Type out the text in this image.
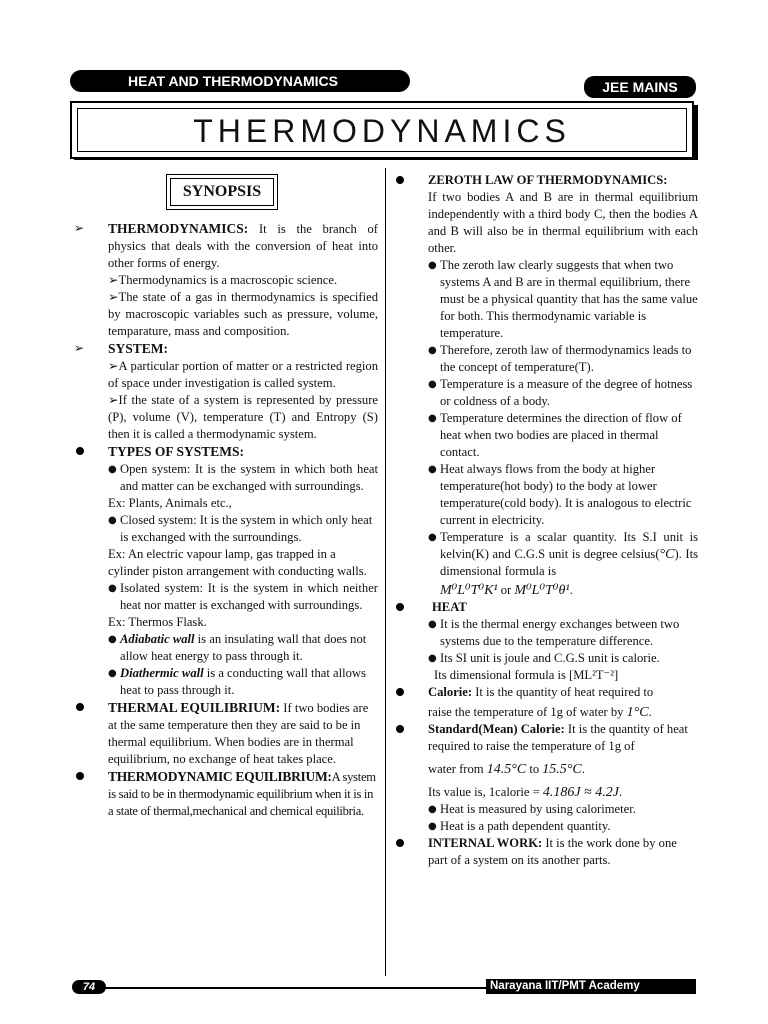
HEAT AND THERMODYNAMICS	JEE MAINS
THERMODYNAMICS
SYNOPSIS
➢	THERMODYNAMICS: It is the branch of physics that deals with the conversion of heat into other forms of energy.
➢Thermodynamics is a macroscopic science.
➢The state of a gas in thermodynamics is specified by macroscopic variables such as pressure, volume, temparature, mass and composition.
➢	SYSTEM:
➢A particular portion of matter or a restricted region of space under investigation is called system.
➢If the state of a system is represented by pressure (P), volume (V), temperature (T) and Entropy (S) then it is called a thermodynamic system.
TYPES OF SYSTEMS:
● Open system: It is the system in which both heat and matter can be exchanged with surroundings.
Ex: Plants, Animals etc.,
● Closed system: It is the system in which only heat is exchanged with the surroundings.
Ex: An electric vapour lamp, gas trapped in a cylinder piston arrangement with conducting walls.
● Isolated system: It is the system in which neither heat nor matter is exchanged with surroundings.
Ex: Thermos Flask.
● Adiabatic wall is an insulating wall that does not allow heat energy to pass through it.
● Diathermic wall is a conducting wall that allows heat to pass through it.
THERMAL EQUILIBRIUM: If two bodies are at the same temperature then they are said to be in thermal equilibrium. When bodies are in thermal equilibrium, no exchange of heat takes place.
THERMODYNAMIC EQUILIBRIUM:A system is said to be in thermodynamic equilibrium when it is in a state of thermal,mechanical and chemical equilibria.
ZEROTH LAW OF THERMODYNAMICS:
If two bodies A and B are in thermal equilibrium independently with a third body C, then the bodies A and B will also be in thermal equilibrium with each other.
● The zeroth law clearly suggests that when two systems A and B are in thermal equilibrium, there must be a physical quantity that has the same value for both. This thermodynamic variable is temperature.
● Therefore, zeroth law of thermodynamics leads to the concept of temperature(T).
● Temperature is a measure of the degree of hotness or coldness of a body.
● Temperature determines the direction of flow of heat when two bodies are placed in thermal contact.
● Heat always flows from the body at higher temperature(hot body) to the body at lower temperature(cold body). It is analogous to electric current in electricity.
● Temperature is a scalar quantity. Its S.I unit is kelvin(K) and C.G.S unit is degree celsius(°C). Its dimensional formula is
M⁰L⁰T⁰K¹ or M⁰L⁰T⁰θ¹.
HEAT
● It is the thermal energy exchanges between two systems due to the temperature difference.
● Its SI unit is joule and C.G.S unit is calorie.
Its dimensional formula is [ML²T⁻²]
Calorie: It is the quantity of heat required to
raise the temperature of 1g of water by 1°C.
Standard(Mean) Calorie: It is the quantity of heat required to raise the temperature of 1g of
water from 14.5°C to 15.5°C.
Its value is, 1calorie = 4.186J ≈ 4.2J.
● Heat is measured by using calorimeter.
● Heat is a path dependent quantity.
INTERNAL WORK: It is the work done by one part of a system on its another parts.
74	Narayana IIT/PMT Academy
